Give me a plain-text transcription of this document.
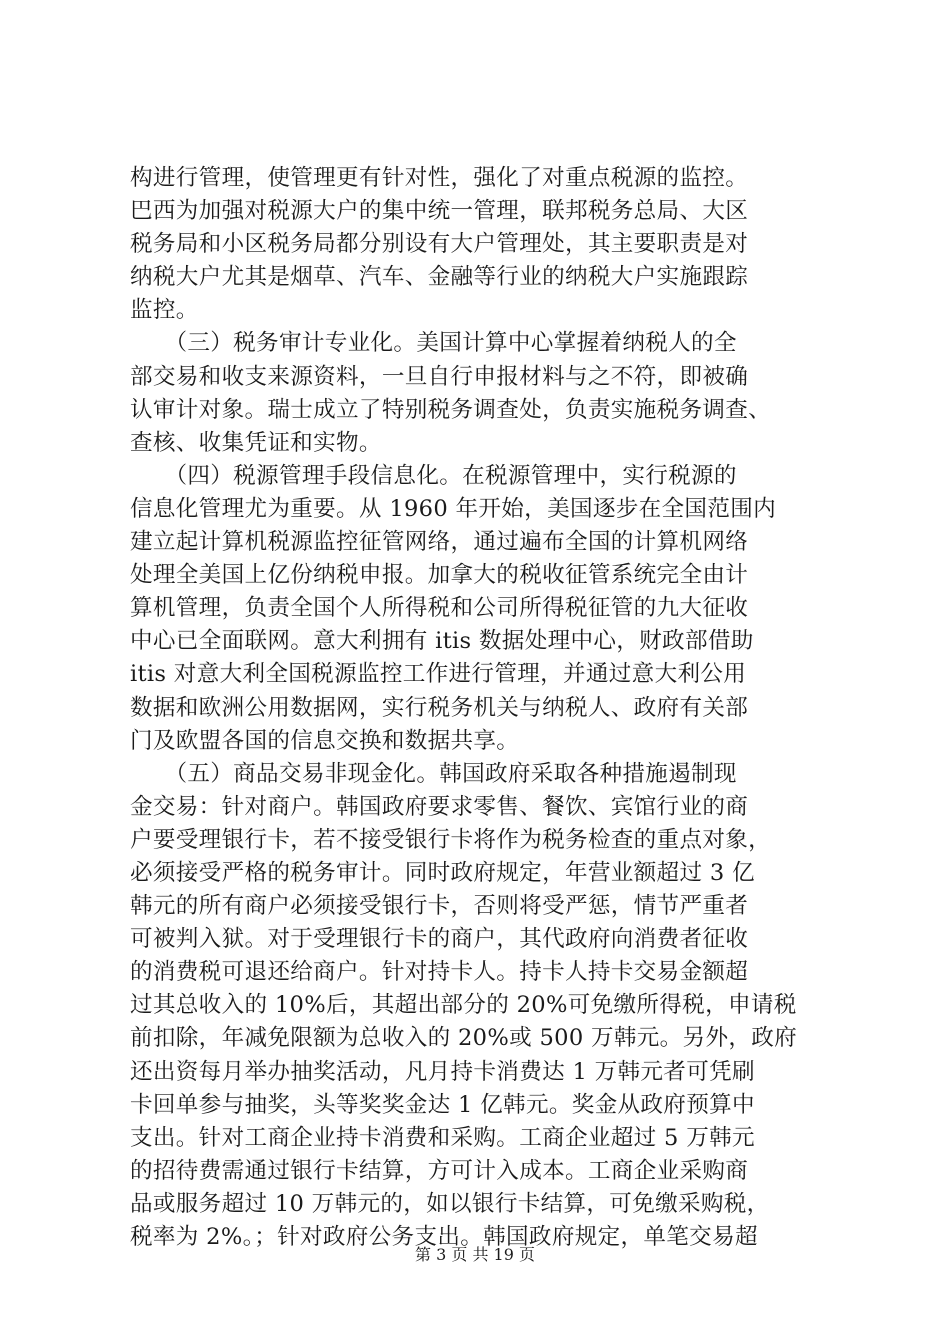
构进行管理，使管理更有针对性，强化了对重点税源的监控。
巴西为加强对税源大户的集中统一管理，联邦税务总局、大区
税务局和小区税务局都分别设有大户管理处，其主要职责是对
纳税大户尤其是烟草、汽车、金融等行业的纳税大户实施跟踪
监控。
　　（三）税务审计专业化。美国计算中心掌握着纳税人的全
部交易和收支来源资料，一旦自行申报材料与之不符，即被确
认审计对象。瑞士成立了特别税务调查处，负责实施税务调查、
查核、收集凭证和实物。
　　（四）税源管理手段信息化。在税源管理中，实行税源的
信息化管理尤为重要。从 1960 年开始，美国逐步在全国范围内
建立起计算机税源监控征管网络，通过遍布全国的计算机网络
处理全美国上亿份纳税申报。加拿大的税收征管系统完全由计
算机管理，负责全国个人所得税和公司所得税征管的九大征收
中心已全面联网。意大利拥有 itis 数据处理中心，财政部借助
itis 对意大利全国税源监控工作进行管理，并通过意大利公用
数据和欧洲公用数据网，实行税务机关与纳税人、政府有关部
门及欧盟各国的信息交换和数据共享。
　　（五）商品交易非现金化。韩国政府采取各种措施遏制现
金交易：针对商户。韩国政府要求零售、餐饮、宾馆行业的商
户要受理银行卡，若不接受银行卡将作为税务检查的重点对象，
必须接受严格的税务审计。同时政府规定，年营业额超过 3 亿
韩元的所有商户必须接受银行卡，否则将受严惩，情节严重者
可被判入狱。对于受理银行卡的商户，其代政府向消费者征收
的消费税可退还给商户。针对持卡人。持卡人持卡交易金额超
过其总收入的 10%后，其超出部分的 20%可免缴所得税，申请税
前扣除，年减免限额为总收入的 20%或 500 万韩元。另外，政府
还出资每月举办抽奖活动，凡月持卡消费达 1 万韩元者可凭刷
卡回单参与抽奖，头等奖奖金达 1 亿韩元。奖金从政府预算中
支出。针对工商企业持卡消费和采购。工商企业超过 5 万韩元
的招待费需通过银行卡结算，方可计入成本。工商企业采购商
品或服务超过 10 万韩元的，如以银行卡结算，可免缴采购税，
税率为 2%。；针对政府公务支出。韩国政府规定，单笔交易超
第 3 页 共 19 页
